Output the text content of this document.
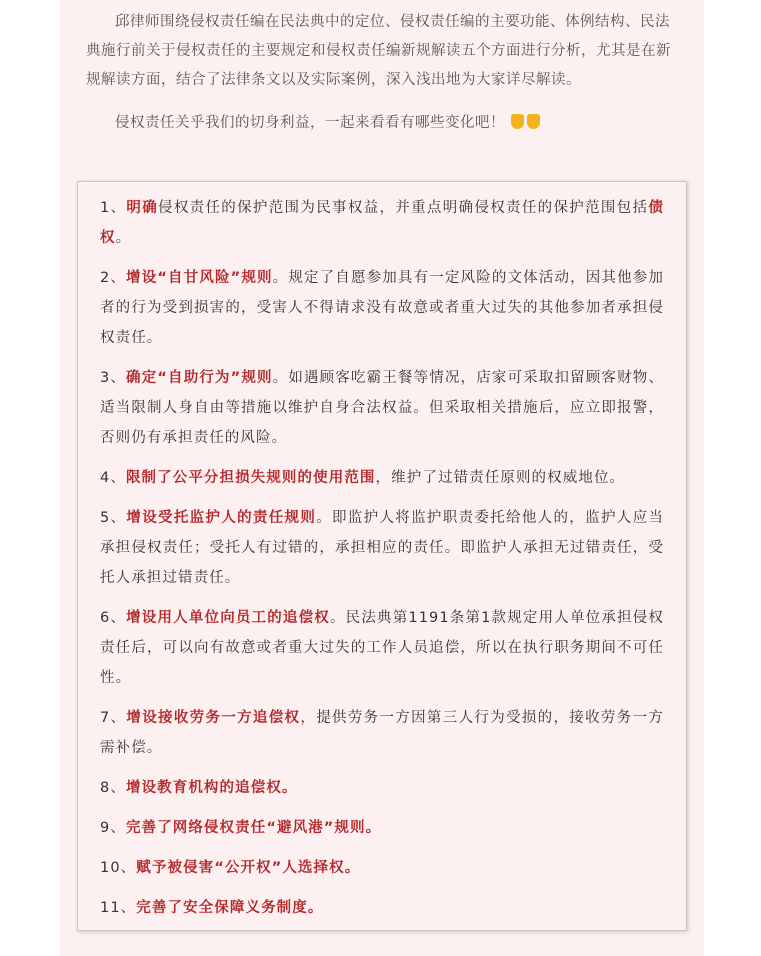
邱律师围绕侵权责任编在民法典中的定位、侵权责任编的主要功能、体例结构、民法典施行前关于侵权责任的主要规定和侵权责任编新规解读五个方面进行分析，尤其是在新规解读方面，结合了法律条文以及实际案例，深入浅出地为大家详尽解读。

侵权责任关乎我们的切身利益，一起来看看有哪些变化吧！

1、明确侵权责任的保护范围为民事权益，并重点明确侵权责任的保护范围包括债权。

2、增设“自甘风险”规则。规定了自愿参加具有一定风险的文体活动，因其他参加者的行为受到损害的，受害人不得请求没有故意或者重大过失的其他参加者承担侵权责任。

3、确定“自助行为”规则。如遇顾客吃霸王餐等情况，店家可采取扣留顾客财物、适当限制人身自由等措施以维护自身合法权益。但采取相关措施后，应立即报警，否则仍有承担责任的风险。

4、限制了公平分担损失规则的使用范围，维护了过错责任原则的权威地位。

5、增设受托监护人的责任规则。即监护人将监护职责委托给他人的，监护人应当承担侵权责任；受托人有过错的，承担相应的责任。即监护人承担无过错责任，受托人承担过错责任。

6、增设用人单位向员工的追偿权。民法典第1191条第1款规定用人单位承担侵权责任后，可以向有故意或者重大过失的工作人员追偿，所以在执行职务期间不可任性。

7、增设接收劳务一方追偿权，提供劳务一方因第三人行为受损的，接收劳务一方需补偿。

8、增设教育机构的追偿权。

9、完善了网络侵权责任“避风港”规则。

10、赋予被侵害“公开权”人选择权。

11、完善了安全保障义务制度。
